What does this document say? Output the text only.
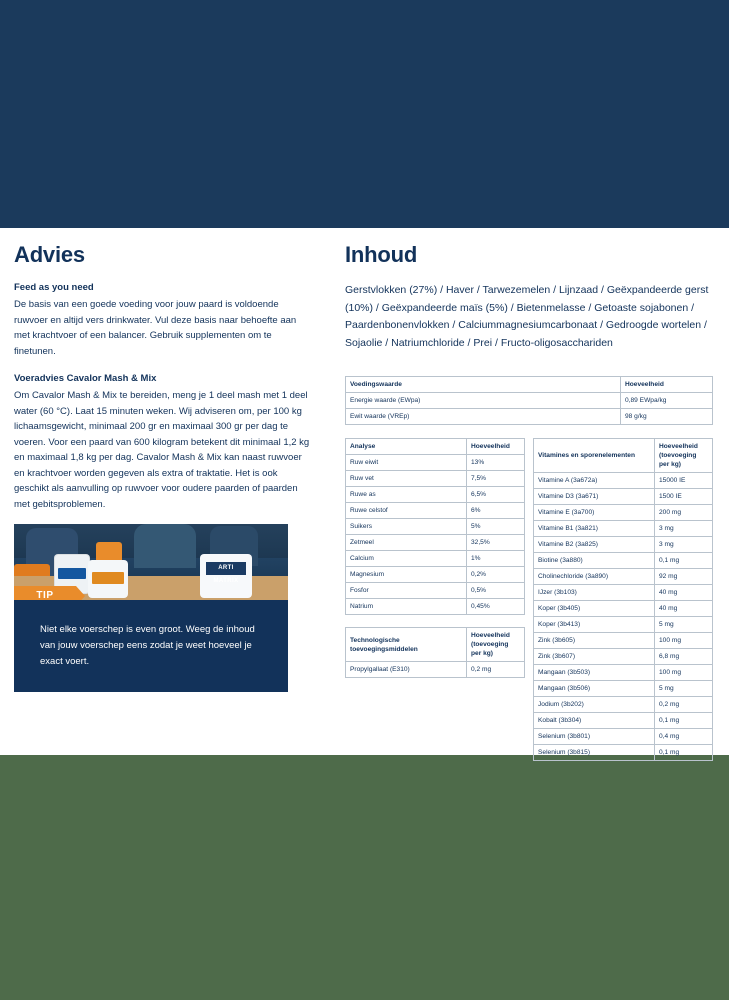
Advies

Feed as you need

De basis van een goede voeding voor jouw paard is voldoende ruwvoer en altijd vers drinkwater. Vul deze basis naar behoefte aan met krachtvoer of een balancer. Gebruik supplementen om te finetunen.

Voeradvies Cavalor Mash & Mix

Om Cavalor Mash & Mix te bereiden, meng je 1 deel mash met 1 deel water (60 °C). Laat 15 minuten weken. Wij adviseren om, per 100 kg lichaamsgewicht, minimaal 200 gr en maximaal 300 gr per dag te voeren. Voor een paard van 600 kilogram betekent dit minimaal 1,2 kg en maximaal 1,8 kg per dag. Cavalor Mash & Mix kan naast ruwvoer en krachtvoer worden gegeven als extra of traktatie. Het is ook geschikt als aanvulling op ruwvoer voor oudere paarden of paarden met gebitsproblemen.

ARTI MATRIX
TIP
Niet elke voerschep is even groot. Weeg de inhoud van jouw voerschep eens zodat je weet hoeveel je exact voert.
Inhoud

Gerstvlokken (27%) / Haver / Tarwezemelen / Lijnzaad / Geëxpandeerde gerst (10%) / Geëxpandeerde maïs (5%) / Bietenmelasse / Getoaste sojabonen / Paardenbonenvlokken / Calciummagnesiumcarbonaat / Gedroogde wortelen / Sojaolie / Natriumchloride / Prei / Fructo-oligosacchariden

Voedingswaarde	Hoeveelheid
Energie waarde (EWpa)	0,89 EWpa/kg
Ewit waarde (VREp)	98 g/kg
Analyse	Hoeveelheid
Ruw eiwit	13%
Ruw vet	7,5%
Ruwe as	6,5%
Ruwe celstof	6%
Suikers	5%
Zetmeel	32,5%
Calcium	1%
Magnesium	0,2%
Fosfor	0,5%
Natrium	0,45%
Technologische toevoegingsmiddelen	Hoeveelheid (toevoeging per kg)
Propylgallaat (E310)	0,2 mg
Vitamines en sporenelementen	Hoeveelheid (toevoeging per kg)
Vitamine A (3a672a)	15000 IE
Vitamine D3 (3a671)	1500 IE
Vitamine E (3a700)	200 mg
Vitamine B1 (3a821)	3 mg
Vitamine B2 (3a825)	3 mg
Biotine (3a880)	0,1 mg
Cholinechloride (3a890)	92 mg
IJzer (3b103)	40 mg
Koper (3b405)	40 mg
Koper (3b413)	5 mg
Zink (3b605)	100 mg
Zink (3b607)	6,8 mg
Mangaan (3b503)	100 mg
Mangaan (3b506)	5 mg
Jodium (3b202)	0,2 mg
Kobalt (3b304)	0,1 mg
Selenium (3b801)	0,4 mg
Selenium (3b815)	0,1 mg
